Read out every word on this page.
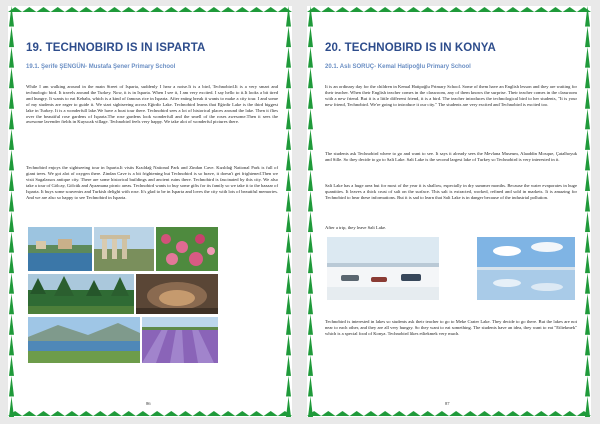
19. TECHNOBIRD IS IN ISPARTA
19.1. Şerife ŞENGÜN- Mustafa Şener Primary School
While I am walking around in the main Street of Isparta, suddenly I hear a noise.It is a bird, Technobird.It is a very smart and technologic bird. It travels around the Turkey. Now, it is in Isparta. When I see it, I am very excited. I say hello to it.It looks a bit tired and hungry. It wants to eat Kebabı, which is a kind of famous rice in Isparta. After eating break it wants to make a city tour. I and some of my students are eager to guide it. We start sightseeing across Eğirdir Lake. Technobird learns that Eğirdir Lake is the third biggest lake in Turkey. It is a wonderfull lake.We have a boat tour there. Technobird sees a lot of historical places around the lake. Then it flies over the beautiful rose gardens of Isparta.The rose gardens look wonderfull and the smell of the roses awesome.Then it sees the awesome lavender fields in Kuyucak village. Technobird feels very happy. We take alot of wonderful pictures there.
Technobird enjoys the sightseeing tour in Isparta.It visits Kızıldağ National Park and Zindan Cave. Kızıldağ National Park is full of giant trees. We got alot of oxygen there. Zindan Cave is a bit frightening but Technobird is so brave, it doesn't get frightened.Then we visit Sagalassos antique city. There are some historical buildings and ancient ruins there. Technobird is fascinated by this city. We also take a tour of Gölcay, Gölcük and Ayazmana picnic areas. Technobird wants to buy some gifts for its family so we take it to the bazaar of Isparta. It buys some souvenirs and Turkish delight with rose. It's glad to be in Isparta and loves the city with lots of beautiful memories. And we are also so happy to see Technobird in Isparta.
86
20. TECHNOBIRD IS IN KONYA
20.1. Aslı SORUÇ- Kemal Hatipoğlu Primary School
It is an ordinary day for the children in Kemal Hatipoğlu Primary School. Some of them have an English lesson and they are waiting for their teacher. When their English teacher comes in the classroom, any of them knows the surprise. Their teacher comes in the classroom with a new friend. But it is a little different friend, it is a bird. The teacher introduces the technological bird to her students, "It is your new friend, Technobird. We're going to introduce it our city." The students are very excited and Technobird is excited too.
The students ask Technobird where to go and want to see. It says it already sees the Mevlana Museum, Alaaddin Mosque, Çatalhoyuk and Sille. So they decide to go to Salt Lake. Salt Lake is the second largest lake of Turkey so Technobird is very interested in it.
Salt Lake has a huge area but for most of the year it is shallow, especially in dry summer months. Because the water evaporates in huge quantities. It leaves a thick crust of salt on the surface. This salt is extracted, worked, refined and sold in markets. It is amazing for Technobird to hear these informations. But it is sad to learn that Salt Lake is in danger because of the industrial pollution.
After a trip, they leave Salt Lake.
Technobird is interested in lakes so students ask their teacher to go to Meke Crater Lake. They decide to go there. But the lakes are not near to each other, and they are all very hungry. So they want to eat something. The students have an idea, they want to eat "Etliekmek" which is a special food of Konya. Technobird likes etliekmek very much.
87
